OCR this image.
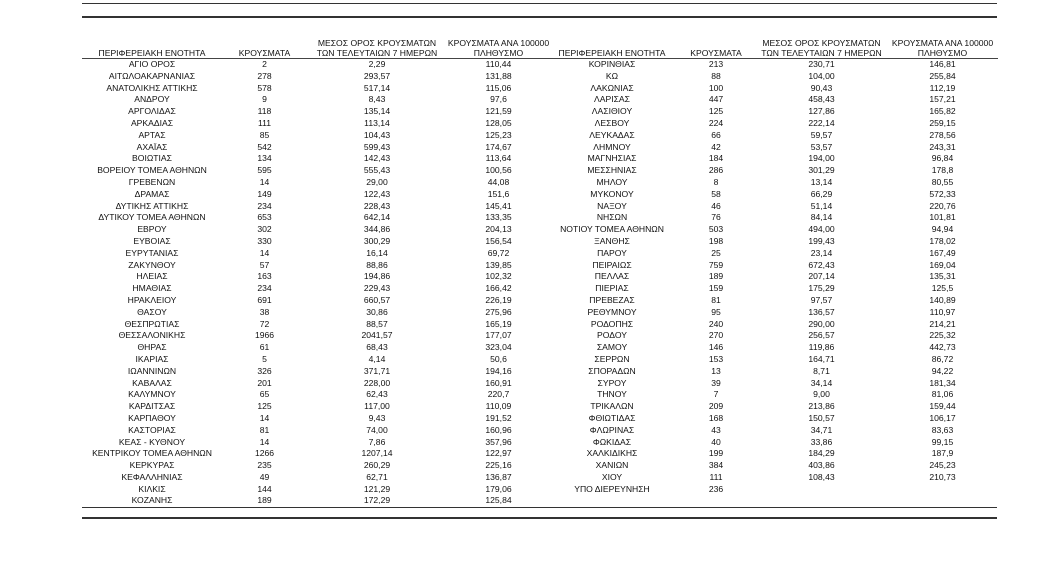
ΠΕΡΙΦΕΡΕΙΑΚΗ ΕΝΟΤΗΤΑ	ΚΡΟΥΣΜΑΤΑ	ΜΕΣΟΣ ΟΡΟΣ ΚΡΟΥΣΜΑΤΩΝ
ΤΩΝ ΤΕΛΕΥΤΑΙΩΝ 7 ΗΜΕΡΩΝ	ΚΡΟΥΣΜΑΤΑ ΑΝΑ 100000
ΠΛΗΘΥΣΜΟ
ΑΓΙΟ ΟΡΟΣ	2	2,29	110,44
ΑΙΤΩΛΟΑΚΑΡΝΑΝΙΑΣ	278	293,57	131,88
ΑΝΑΤΟΛΙΚΗΣ ΑΤΤΙΚΗΣ	578	517,14	115,06
ΑΝΔΡΟΥ	9	8,43	97,6
ΑΡΓΟΛΙΔΑΣ	118	135,14	121,59
ΑΡΚΑΔΙΑΣ	111	113,14	128,05
ΑΡΤΑΣ	85	104,43	125,23
ΑΧΑΪΑΣ	542	599,43	174,67
ΒΟΙΩΤΙΑΣ	134	142,43	113,64
ΒΟΡΕΙΟΥ ΤΟΜΕΑ ΑΘΗΝΩΝ	595	555,43	100,56
ΓΡΕΒΕΝΩΝ	14	29,00	44,08
ΔΡΑΜΑΣ	149	122,43	151,6
ΔΥΤΙΚΗΣ ΑΤΤΙΚΗΣ	234	228,43	145,41
ΔΥΤΙΚΟΥ ΤΟΜΕΑ ΑΘΗΝΩΝ	653	642,14	133,35
ΕΒΡΟΥ	302	344,86	204,13
ΕΥΒΟΙΑΣ	330	300,29	156,54
ΕΥΡΥΤΑΝΙΑΣ	14	16,14	69,72
ΖΑΚΥΝΘΟΥ	57	88,86	139,85
ΗΛΕΙΑΣ	163	194,86	102,32
ΗΜΑΘΙΑΣ	234	229,43	166,42
ΗΡΑΚΛΕΙΟΥ	691	660,57	226,19
ΘΑΣΟΥ	38	30,86	275,96
ΘΕΣΠΡΩΤΙΑΣ	72	88,57	165,19
ΘΕΣΣΑΛΟΝΙΚΗΣ	1966	2041,57	177,07
ΘΗΡΑΣ	61	68,43	323,04
ΙΚΑΡΙΑΣ	5	4,14	50,6
ΙΩΑΝΝΙΝΩΝ	326	371,71	194,16
ΚΑΒΑΛΑΣ	201	228,00	160,91
ΚΑΛΥΜΝΟΥ	65	62,43	220,7
ΚΑΡΔΙΤΣΑΣ	125	117,00	110,09
ΚΑΡΠΑΘΟΥ	14	9,43	191,52
ΚΑΣΤΟΡΙΑΣ	81	74,00	160,96
ΚΕΑΣ - ΚΥΘΝΟΥ	14	7,86	357,96
ΚΕΝΤΡΙΚΟΥ ΤΟΜΕΑ ΑΘΗΝΩΝ	1266	1207,14	122,97
ΚΕΡΚΥΡΑΣ	235	260,29	225,16
ΚΕΦΑΛΛΗΝΙΑΣ	49	62,71	136,87
ΚΙΛΚΙΣ	144	121,29	179,06
ΚΟΖΑΝΗΣ	189	172,29	125,84
ΠΕΡΙΦΕΡΕΙΑΚΗ ΕΝΟΤΗΤΑ	ΚΡΟΥΣΜΑΤΑ	ΜΕΣΟΣ ΟΡΟΣ ΚΡΟΥΣΜΑΤΩΝ
ΤΩΝ ΤΕΛΕΥΤΑΙΩΝ 7 ΗΜΕΡΩΝ	ΚΡΟΥΣΜΑΤΑ ΑΝΑ 100000
ΠΛΗΘΥΣΜΟ
ΚΟΡΙΝΘΙΑΣ	213	230,71	146,81
ΚΩ	88	104,00	255,84
ΛΑΚΩΝΙΑΣ	100	90,43	112,19
ΛΑΡΙΣΑΣ	447	458,43	157,21
ΛΑΣΙΘΙΟΥ	125	127,86	165,82
ΛΕΣΒΟΥ	224	222,14	259,15
ΛΕΥΚΑΔΑΣ	66	59,57	278,56
ΛΗΜΝΟΥ	42	53,57	243,31
ΜΑΓΝΗΣΙΑΣ	184	194,00	96,84
ΜΕΣΣΗΝΙΑΣ	286	301,29	178,8
ΜΗΛΟΥ	8	13,14	80,55
ΜΥΚΟΝΟΥ	58	66,29	572,33
ΝΑΞΟΥ	46	51,14	220,76
ΝΗΣΩΝ	76	84,14	101,81
ΝΟΤΙΟΥ ΤΟΜΕΑ ΑΘΗΝΩΝ	503	494,00	94,94
ΞΑΝΘΗΣ	198	199,43	178,02
ΠΑΡΟΥ	25	23,14	167,49
ΠΕΙΡΑΙΩΣ	759	672,43	169,04
ΠΕΛΛΑΣ	189	207,14	135,31
ΠΙΕΡΙΑΣ	159	175,29	125,5
ΠΡΕΒΕΖΑΣ	81	97,57	140,89
ΡΕΘΥΜΝΟΥ	95	136,57	110,97
ΡΟΔΟΠΗΣ	240	290,00	214,21
ΡΟΔΟΥ	270	256,57	225,32
ΣΑΜΟΥ	146	119,86	442,73
ΣΕΡΡΩΝ	153	164,71	86,72
ΣΠΟΡΑΔΩΝ	13	8,71	94,22
ΣΥΡΟΥ	39	34,14	181,34
ΤΗΝΟΥ	7	9,00	81,06
ΤΡΙΚΑΛΩΝ	209	213,86	159,44
ΦΘΙΩΤΙΔΑΣ	168	150,57	106,17
ΦΛΩΡΙΝΑΣ	43	34,71	83,63
ΦΩΚΙΔΑΣ	40	33,86	99,15
ΧΑΛΚΙΔΙΚΗΣ	199	184,29	187,9
ΧΑΝΙΩΝ	384	403,86	245,23
ΧΙΟΥ	111	108,43	210,73
ΥΠΟ ΔΙΕΡΕΥΝΗΣΗ	236		
